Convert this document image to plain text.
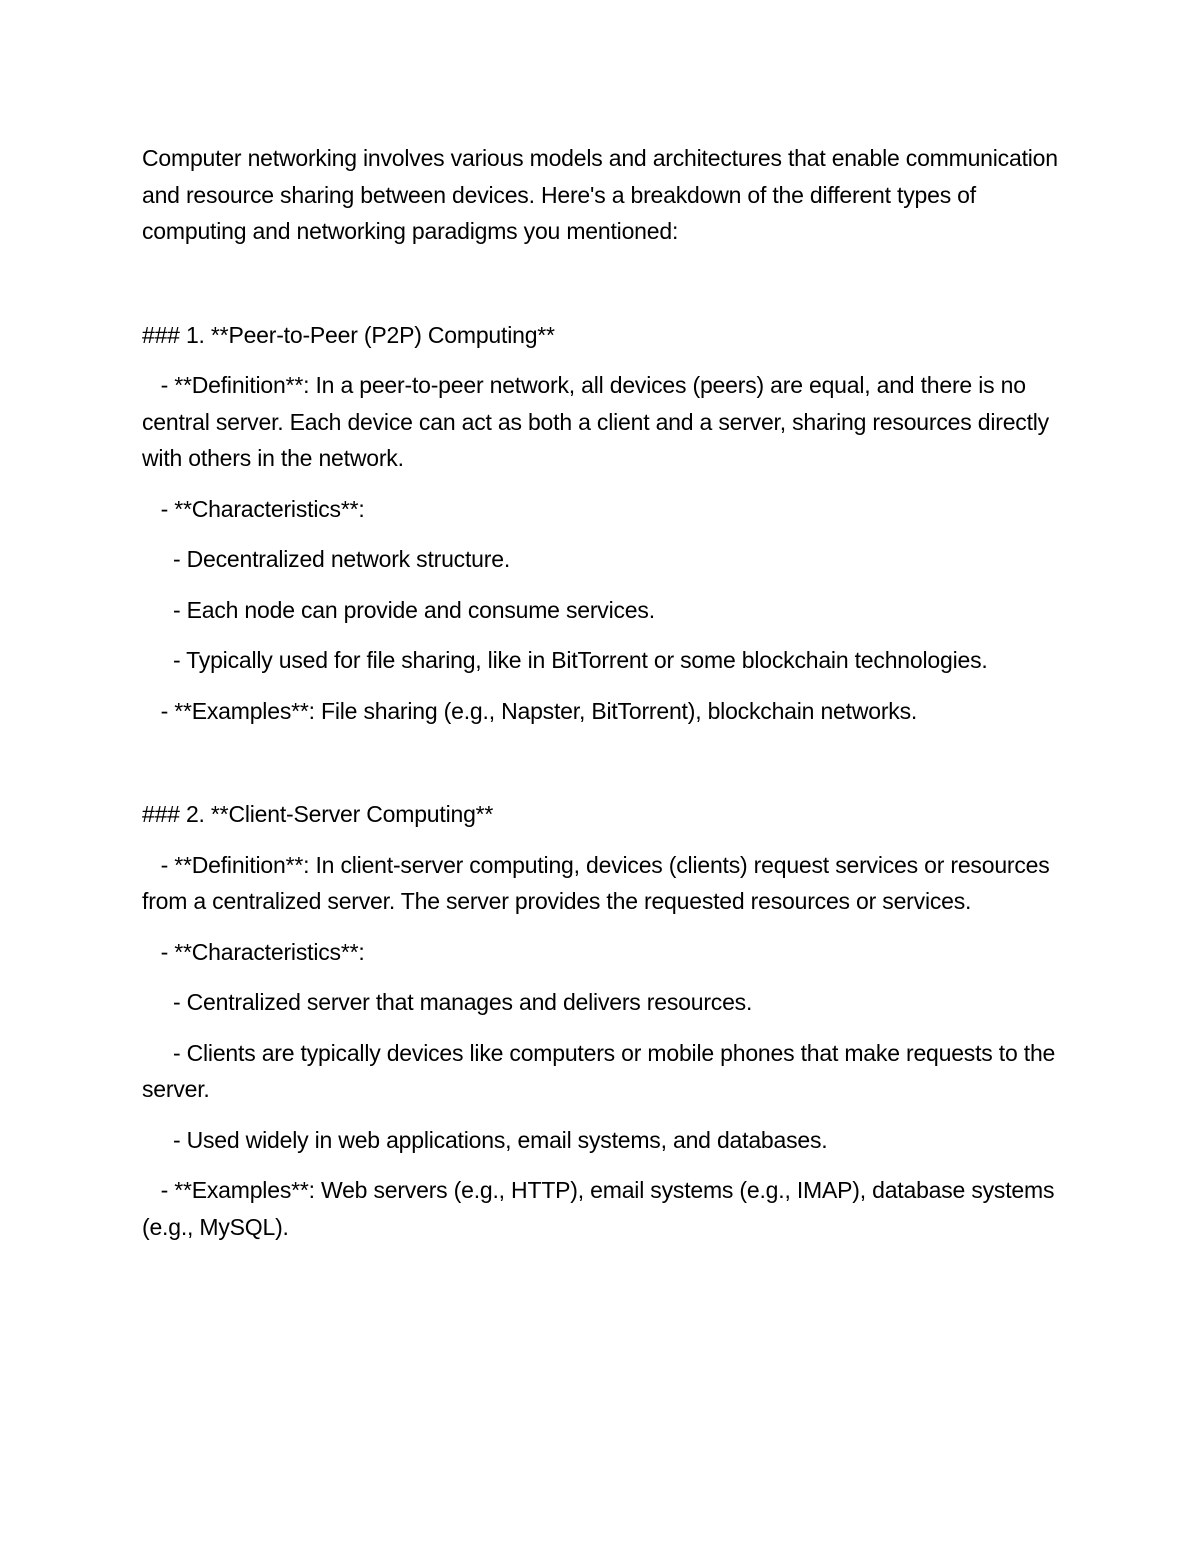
Computer networking involves various models and architectures that enable communication and resource sharing between devices. Here's a breakdown of the different types of computing and networking paradigms you mentioned:

### 1. **Peer-to-Peer (P2P) Computing**

- **Definition**: In a peer-to-peer network, all devices (peers) are equal, and there is no central server. Each device can act as both a client and a server, sharing resources directly with others in the network.

- **Characteristics**:

- Decentralized network structure.

- Each node can provide and consume services.

- Typically used for file sharing, like in BitTorrent or some blockchain technologies.

- **Examples**: File sharing (e.g., Napster, BitTorrent), blockchain networks.

### 2. **Client-Server Computing**

- **Definition**: In client-server computing, devices (clients) request services or resources from a centralized server. The server provides the requested resources or services.

- **Characteristics**:

- Centralized server that manages and delivers resources.

- Clients are typically devices like computers or mobile phones that make requests to the server.

- Used widely in web applications, email systems, and databases.

- **Examples**: Web servers (e.g., HTTP), email systems (e.g., IMAP), database systems (e.g., MySQL).
